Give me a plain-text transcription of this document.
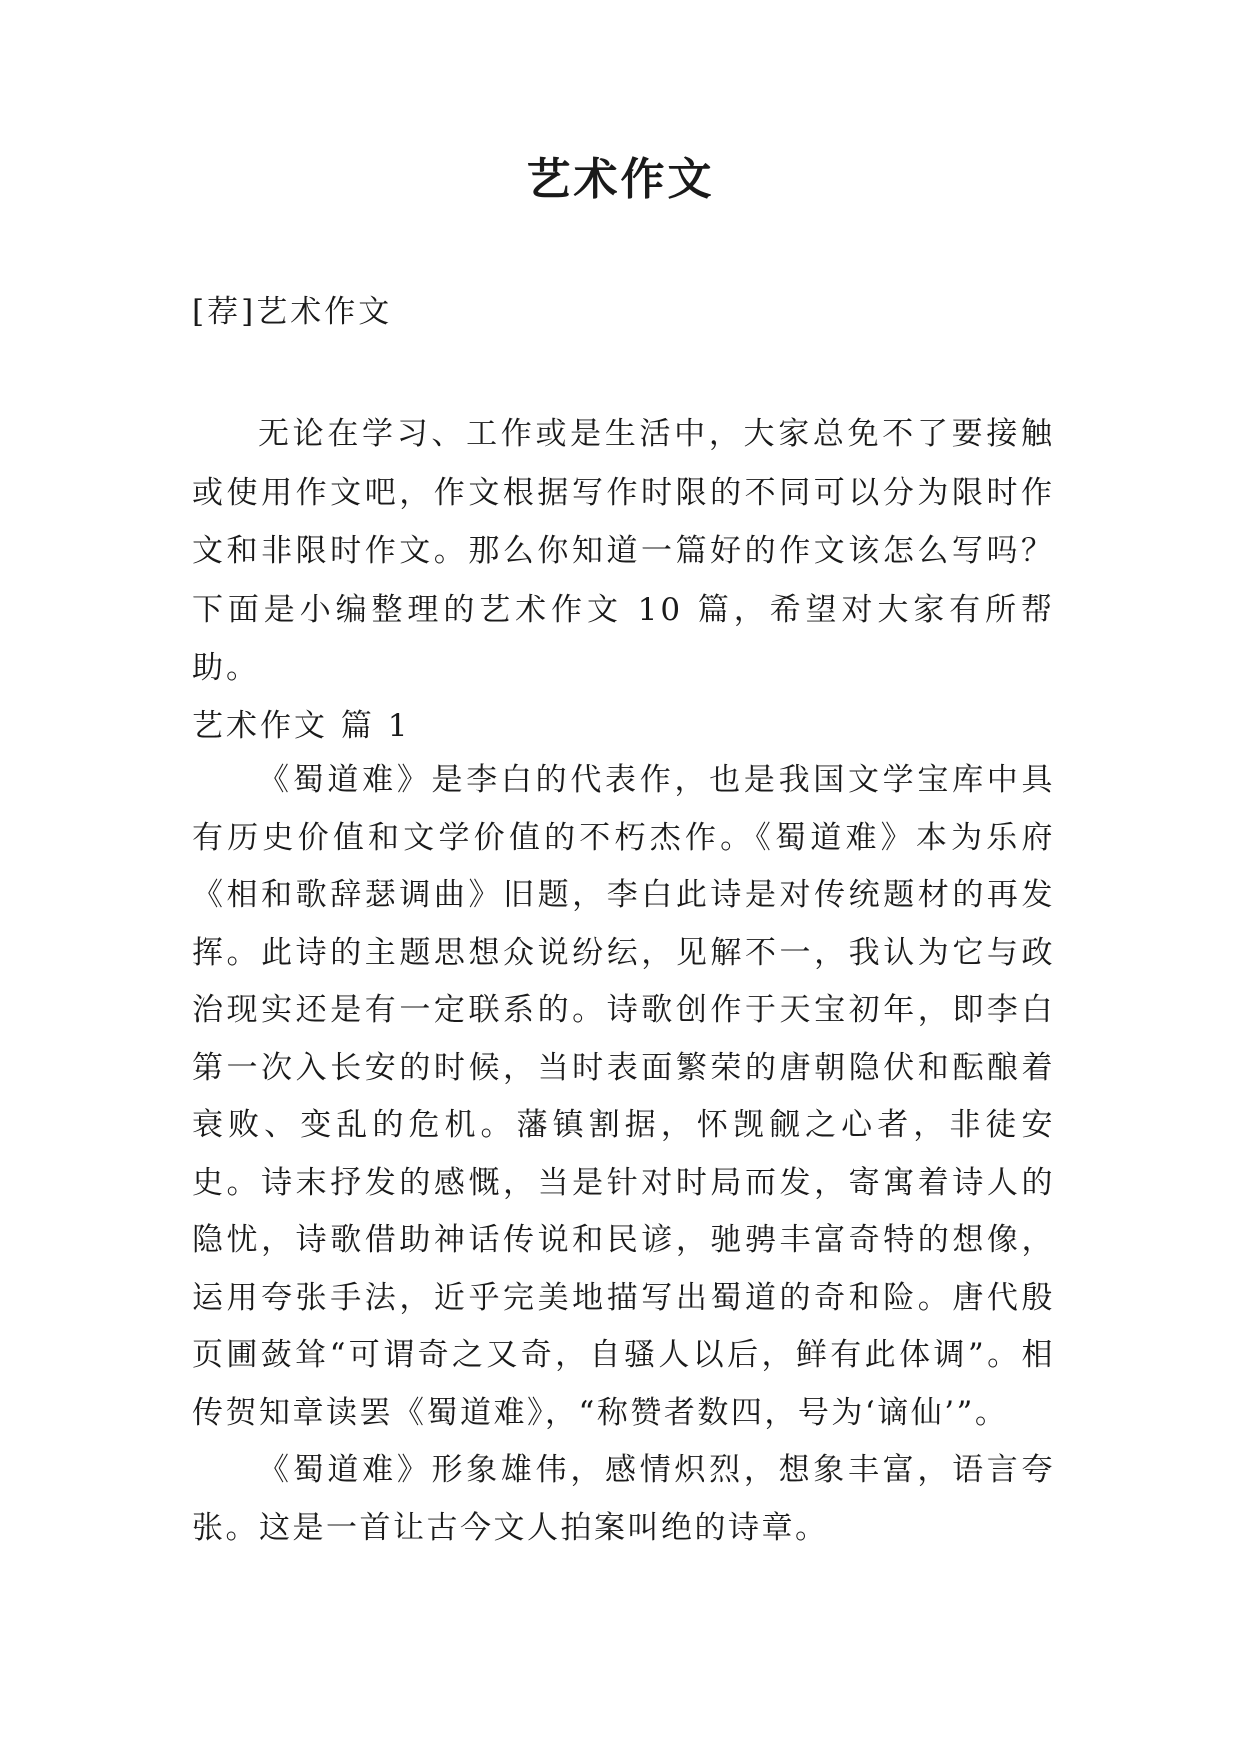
艺术作文

[荐]艺术作文

无论在学习、工作或是生活中，大家总免不了要接触或使用作文吧，作文根据写作时限的不同可以分为限时作文和非限时作文。那么你知道一篇好的作文该怎么写吗？下面是小编整理的艺术作文 10 篇，希望对大家有所帮助。

艺术作文 篇 1

《蜀道难》是李白的代表作，也是我国文学宝库中具有历史价值和文学价值的不朽杰作。《蜀道难》本为乐府《相和歌辞瑟调曲》旧题，李白此诗是对传统题材的再发挥。此诗的主题思想众说纷纭，见解不一，我认为它与政治现实还是有一定联系的。诗歌创作于天宝初年，即李白第一次入长安的时候，当时表面繁荣的唐朝隐伏和酝酿着衰败、变乱的危机。藩镇割据，怀觊觎之心者，非徒安史。诗末抒发的感慨，当是针对时局而发，寄寓着诗人的隐忧，诗歌借助神话传说和民谚，驰骋丰富奇特的想像，运用夸张手法，近乎完美地描写出蜀道的奇和险。唐代殷页圃蔹耸“可谓奇之又奇，自骚人以后，鲜有此体调”。相传贺知章读罢《蜀道难》，“称赞者数四，号为‘谪仙’”。

《蜀道难》形象雄伟，感情炽烈，想象丰富，语言夸张。这是一首让古今文人拍案叫绝的诗章。
